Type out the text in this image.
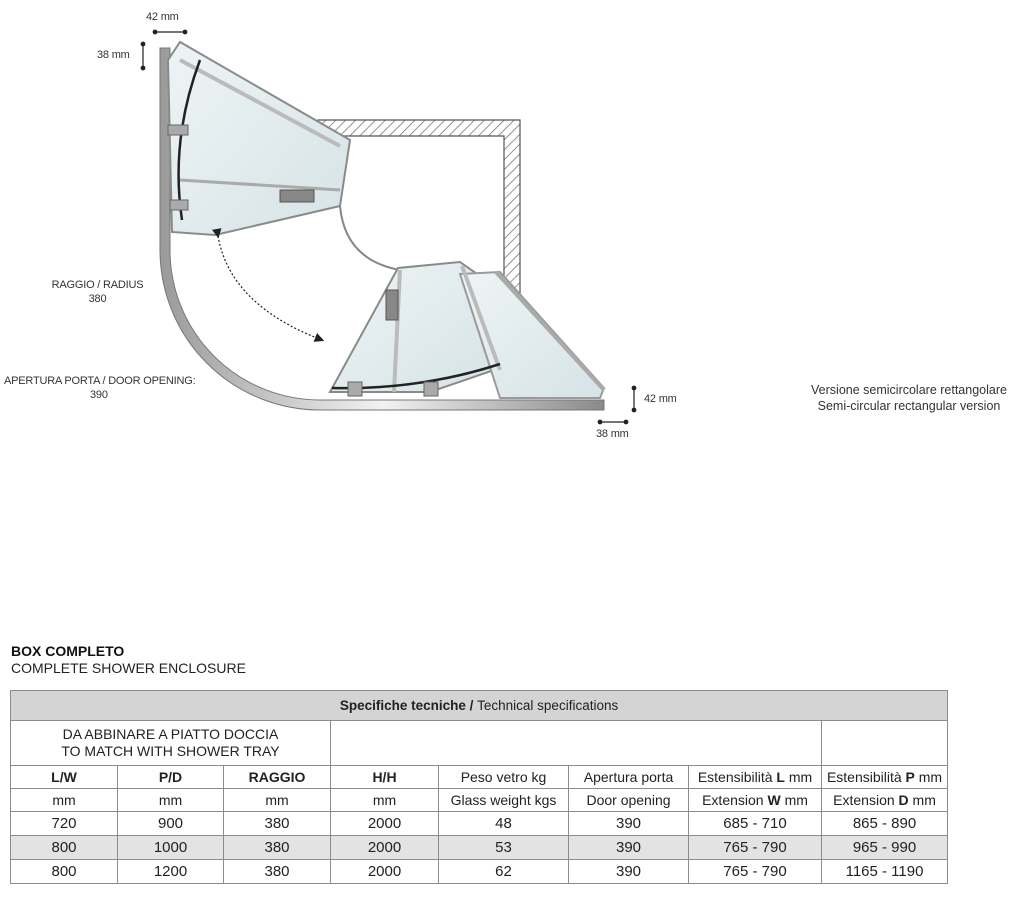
42 mm
38 mm
RAGGIO / RADIUS
380
APERTURA PORTA / DOOR OPENING:
390	42 mm
38 mm
Versione semicircolare rettangolare
Semi-circular rectangular version
BOX COMPLETO
COMPLETE SHOWER ENCLOSURE
Specifiche tecniche / Technical specifications							

DA ABBINARE A PIATTO DOCCIA
TO MATCH WITH SHOWER TRAY							

L/W	P/D	RAGGIO	H/H	Peso vetro kg	Apertura porta	Estensibilità L mm	Estensibilità P mm
mm	mm	mm	mm	Glass weight kgs	Door opening	Extension W mm	Extension D mm
720	900	380	2000	48	390	685 - 710	865 - 890
800	1000	380	2000	53	390	765 - 790	965 - 990
800	1200	380	2000	62	390	765 - 790	1165 - 1190
